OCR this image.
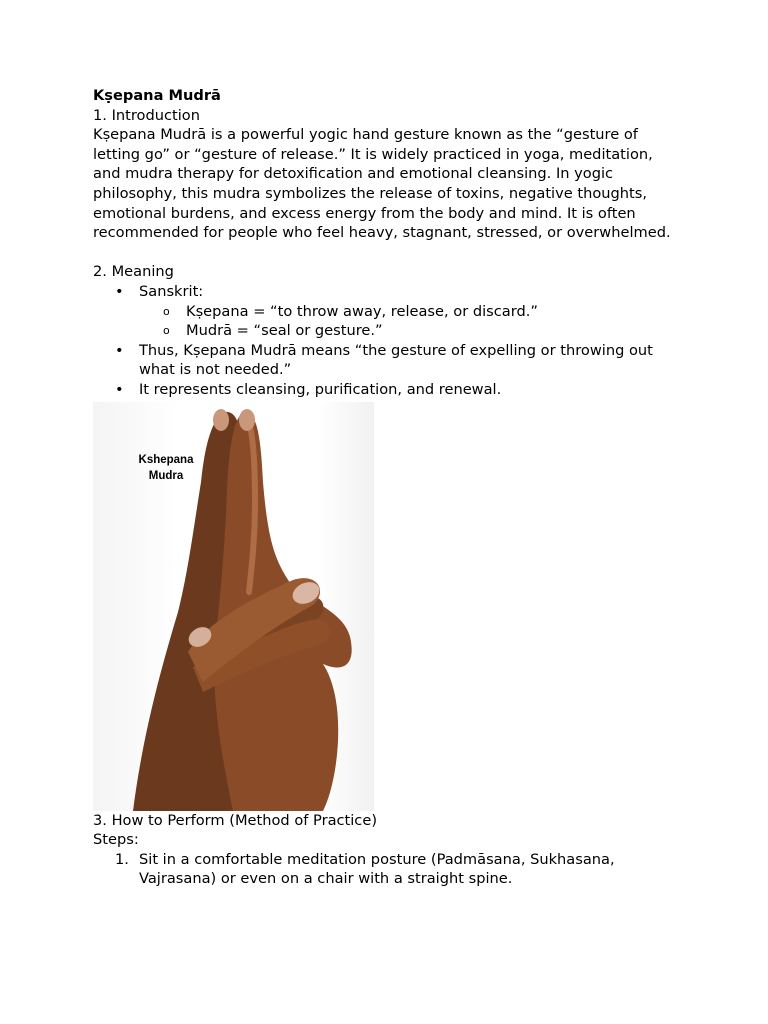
Kṣepana Mudrā

1. Introduction

Kṣepana Mudrā is a powerful yogic hand gesture known as the “gesture of letting go” or “gesture of release.” It is widely practiced in yoga, meditation, and mudra therapy for detoxification and emotional cleansing. In yogic philosophy, this mudra symbolizes the release of toxins, negative thoughts, emotional burdens, and excess energy from the body and mind. It is often recommended for people who feel heavy, stagnant, stressed, or overwhelmed.

2. Meaning

• Sanskrit:
o Kṣepana = “to throw away, release, or discard.”
o Mudrā = “seal or gesture.”
• Thus, Kṣepana Mudrā means “the gesture of expelling or throwing out what is not needed.”
• It represents cleansing, purification, and renewal.
Kshepana
Mudra

3. How to Perform (Method of Practice)

Steps:

1. Sit in a comfortable meditation posture (Padmāsana, Sukhasana, Vajrasana) or even on a chair with a straight spine.
